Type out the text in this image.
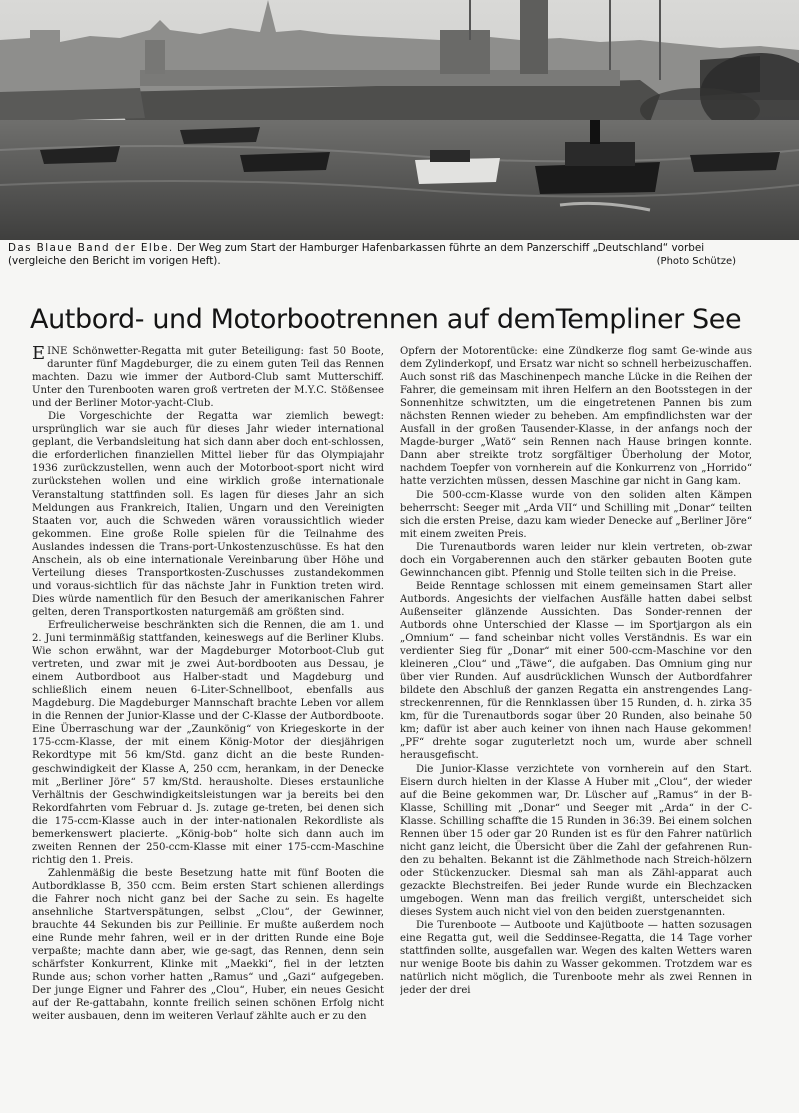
Das Blaue Band der Elbe. Der Weg zum Start der Hamburger Hafenbarkassen führte an dem Panzerschiff „Deutschland“ vorbei (vergleiche den Bericht im vorigen Heft).	(Photo Schütze)
Autbord- und Motorbootrennen auf demTempliner See

EINE Schönwetter-Regatta mit guter Beteiligung: fast 50 Boote, darunter fünf Magdeburger, die zu einem guten Teil das Rennen machten. Dazu wie immer der Autbord-Club samt Mutterschiff. Unter den Turenbooten waren groß vertreten der M.Y.C. Stößensee und der Berliner Motor-yacht-Club.

Die Vorgeschichte der Regatta war ziemlich bewegt: ursprünglich war sie auch für dieses Jahr wieder international geplant, die Verbandsleitung hat sich dann aber doch ent-schlossen, die erforderlichen finanziellen Mittel lieber für das Olympiajahr 1936 zurückzustellen, wenn auch der Motorboot-sport nicht wird zurückstehen wollen und eine wirklich große internationale Veranstaltung stattfinden soll. Es lagen für dieses Jahr an sich Meldungen aus Frankreich, Italien, Ungarn und den Vereinigten Staaten vor, auch die Schweden wären voraussichtlich wieder gekommen. Eine große Rolle spielen für die Teilnahme des Auslandes indessen die Trans-port-Unkostenzuschüsse. Es hat den Anschein, als ob eine internationale Vereinbarung über Höhe und Verteilung dieses Transportkosten-Zuschusses zustandekommen und voraus-sichtlich für das nächste Jahr in Funktion treten wird. Dies würde namentlich für den Besuch der amerikanischen Fahrer gelten, deren Transportkosten naturgemäß am größten sind.

Erfreulicherweise beschränkten sich die Rennen, die am 1. und 2. Juni terminmäßig stattfanden, keineswegs auf die Berliner Klubs. Wie schon erwähnt, war der Magdeburger Motorboot-Club gut vertreten, und zwar mit je zwei Aut-bordbooten aus Dessau, je einem Autbordboot aus Halber-stadt und Magdeburg und schließlich einem neuen 6-Liter-Schnellboot, ebenfalls aus Magdeburg. Die Magdeburger Mannschaft brachte Leben vor allem in die Rennen der Junior-Klasse und der C-Klasse der Autbordboote. Eine Überraschung war der „Zaunkönig“ von Kriegeskorte in der 175-ccm-Klasse, der mit einem König-Motor der diesjährigen Rekordtype mit 56 km/Std. ganz dicht an die beste Runden-geschwindigkeit der Klasse A, 250 ccm, herankam, in der Denecke mit „Berliner Jöre“ 57 km/Std. herausholte. Dieses erstaunliche Verhältnis der Geschwindigkeitsleistungen war ja bereits bei den Rekordfahrten vom Februar d. Js. zutage ge-treten, bei denen sich die 175-ccm-Klasse auch in der inter-nationalen Rekordliste als bemerkenswert placierte. „König-bob“ holte sich dann auch im zweiten Rennen der 250-ccm-Klasse mit einer 175-ccm-Maschine richtig den 1. Preis.

Zahlenmäßig die beste Besetzung hatte mit fünf Booten die Autbordklasse B, 350 ccm. Beim ersten Start schienen allerdings die Fahrer noch nicht ganz bei der Sache zu sein. Es hagelte ansehnliche Startverspätungen, selbst „Clou“, der Gewinner, brauchte 44 Sekunden bis zur Peillinie. Er mußte außerdem noch eine Runde mehr fahren, weil er in der dritten Runde eine Boje verpaßte; machte dann aber, wie ge-sagt, das Rennen, denn sein schärfster Konkurrent, Klinke mit „Maekki“, fiel in der letzten Runde aus; schon vorher hatten „Ramus“ und „Gazi“ aufgegeben. Der junge Eigner und Fahrer des „Clou“, Huber, ein neues Gesicht auf der Re-gattabahn, konnte freilich seinen schönen Erfolg nicht weiter ausbauen, denn im weiteren Verlauf zählte auch er zu den

Opfern der Motorentücke: eine Zündkerze flog samt Ge-winde aus dem Zylinderkopf, und Ersatz war nicht so schnell herbeizuschaffen. Auch sonst riß das Maschinenpech manche Lücke in die Reihen der Fahrer, die gemeinsam mit ihren Helfern an den Bootsstegen in der Sonnenhitze schwitzten, um die eingetretenen Pannen bis zum nächsten Rennen wieder zu beheben. Am empfindlichsten war der Ausfall in der großen Tausender-Klasse, in der anfangs noch der Magde-burger „Watö“ sein Rennen nach Hause bringen konnte. Dann aber streikte trotz sorgfältiger Überholung der Motor, nachdem Toepfer von vornherein auf die Konkurrenz von „Horrido“ hatte verzichten müssen, dessen Maschine gar nicht in Gang kam.

Die 500-ccm-Klasse wurde von den soliden alten Kämpen beherrscht: Seeger mit „Arda VII“ und Schilling mit „Donar“ teilten sich die ersten Preise, dazu kam wieder Denecke auf „Berliner Jöre“ mit einem zweiten Preis.

Die Turenautbords waren leider nur klein vertreten, ob-zwar doch ein Vorgaberennen auch den stärker gebauten Booten gute Gewinnchancen gibt. Pfennig und Stolle teilten sich in die Preise.

Beide Renntage schlossen mit einem gemeinsamen Start aller Autbords. Angesichts der vielfachen Ausfälle hatten dabei selbst Außenseiter glänzende Aussichten. Das Sonder-rennen der Autbords ohne Unterschied der Klasse — im Sportjargon als ein „Omnium“ — fand scheinbar nicht volles Verständnis. Es war ein verdienter Sieg für „Donar“ mit einer 500-ccm-Maschine vor den kleineren „Clou“ und „Täwe“, die aufgaben. Das Omnium ging nur über vier Runden. Auf ausdrücklichen Wunsch der Autbordfahrer bildete den Abschluß der ganzen Regatta ein anstrengendes Lang-streckenrennen, für die Rennklassen über 15 Runden, d. h. zirka 35 km, für die Turenautbords sogar über 20 Runden, also beinahe 50 km; dafür ist aber auch keiner von ihnen nach Hause gekommen! „PF“ drehte sogar zuguterletzt noch um, wurde aber schnell herausgefischt.

Die Junior-Klasse verzichtete von vornherein auf den Start. Eisern durch hielten in der Klasse A Huber mit „Clou“, der wieder auf die Beine gekommen war, Dr. Lüscher auf „Ramus“ in der B-Klasse, Schilling mit „Donar“ und Seeger mit „Arda“ in der C-Klasse. Schilling schaffte die 15 Runden in 36:39. Bei einem solchen Rennen über 15 oder gar 20 Runden ist es für den Fahrer natürlich nicht ganz leicht, die Übersicht über die Zahl der gefahrenen Run-den zu behalten. Bekannt ist die Zählmethode nach Streich-hölzern oder Stückenzucker. Diesmal sah man als Zähl-apparat auch gezackte Blechstreifen. Bei jeder Runde wurde ein Blechzacken umgebogen. Wenn man das freilich vergißt, unterscheidet sich dieses System auch nicht viel von den beiden zuerstgenannten.

Die Turenboote — Autboote und Kajütboote — hatten sozusagen eine Regatta gut, weil die Seddinsee-Regatta, die 14 Tage vorher stattfinden sollte, ausgefallen war. Wegen des kalten Wetters waren nur wenige Boote bis dahin zu Wasser gekommen. Trotzdem war es natürlich nicht möglich, die Turenboote mehr als zwei Rennen in jeder der drei
